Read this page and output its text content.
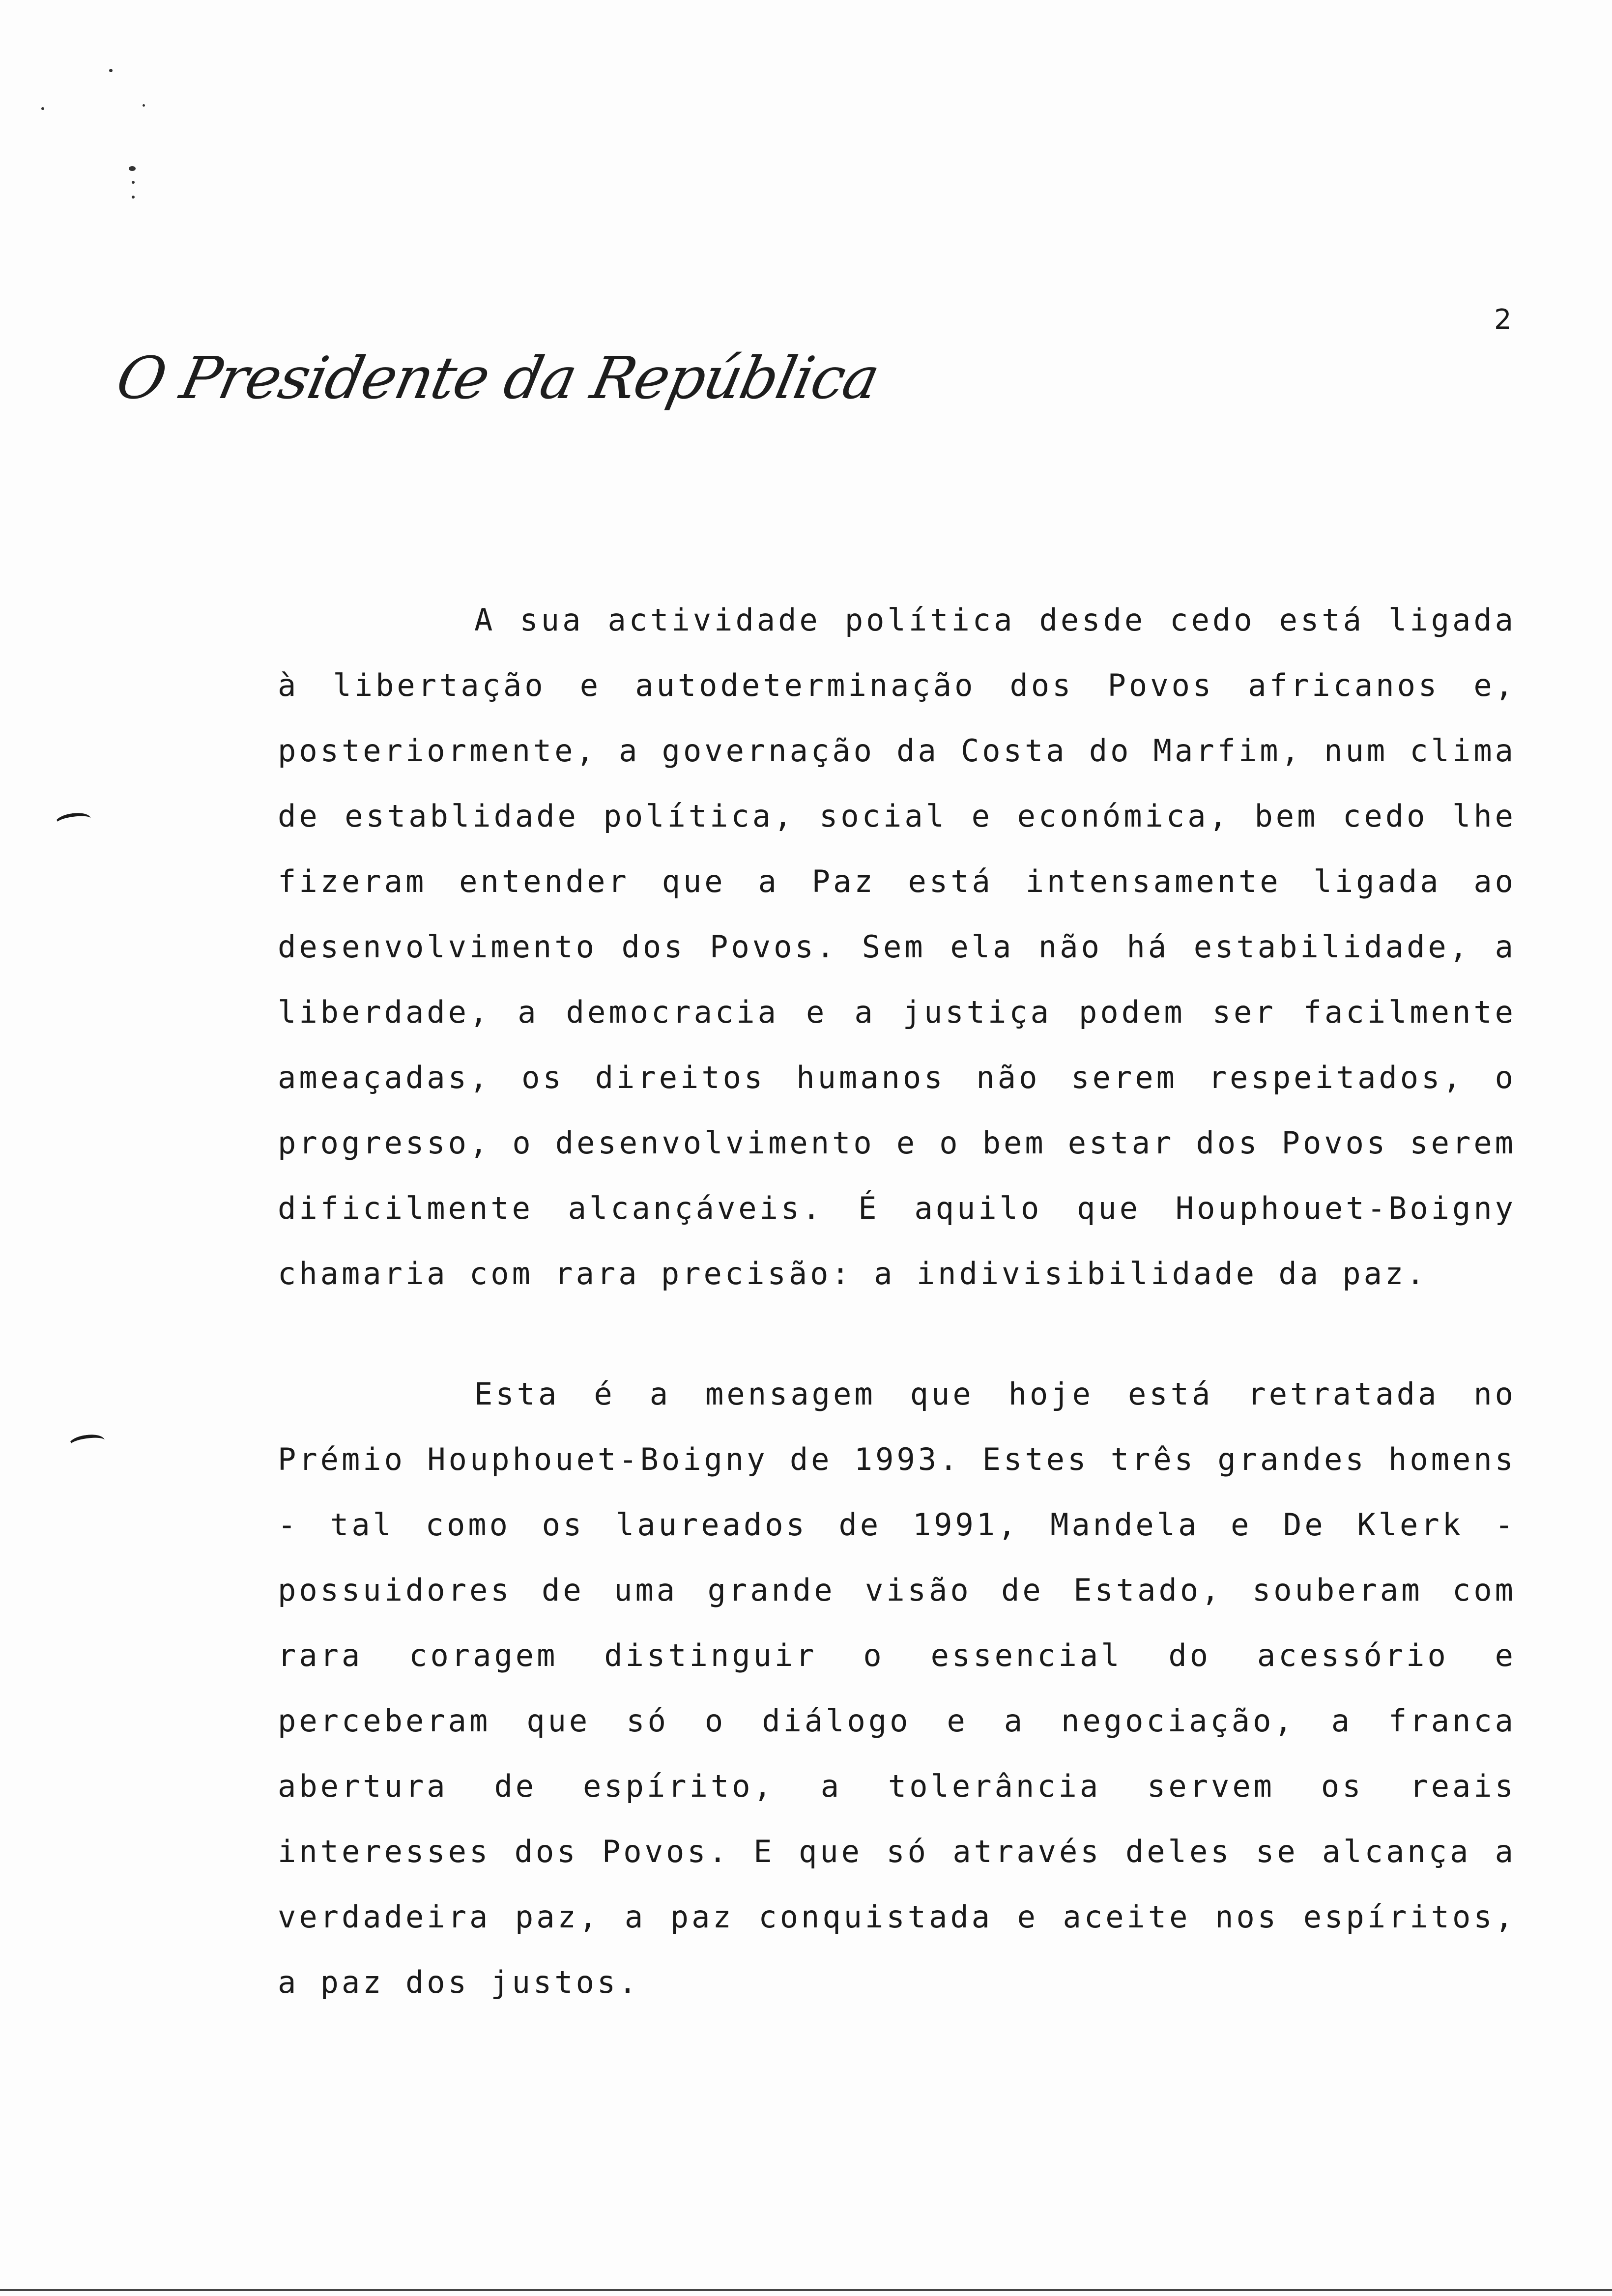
2
O Presidente da República

A sua actividade política desde cedo está ligada à libertação e autodeterminação dos Povos africanos e, posteriormente, a governação da Costa do Marfim, num clima de establidade política, social e económica, bem cedo lhe fizeram entender que a Paz está intensamente ligada ao desenvolvimento dos Povos. Sem ela não há estabilidade, a liberdade, a democracia e a justiça podem ser facilmente ameaçadas, os direitos humanos não serem respeitados, o progresso, o desenvolvimento e o bem estar dos Povos serem dificilmente alcançáveis. É aquilo que Houphouet-Boigny chamaria com rara precisão: a indivisibilidade da paz.

Esta é a mensagem que hoje está retratada no Prémio Houphouet-Boigny de 1993. Estes três grandes homens - tal como os laureados de 1991, Mandela e De Klerk - possuidores de uma grande visão de Estado, souberam com rara coragem distinguir o essencial do acessório e perceberam que só o diálogo e a negociação, a franca abertura de espírito, a tolerância servem os reais interesses dos Povos. E que só através deles se alcança a verdadeira paz, a paz conquistada e aceite nos espíritos, a paz dos justos.
